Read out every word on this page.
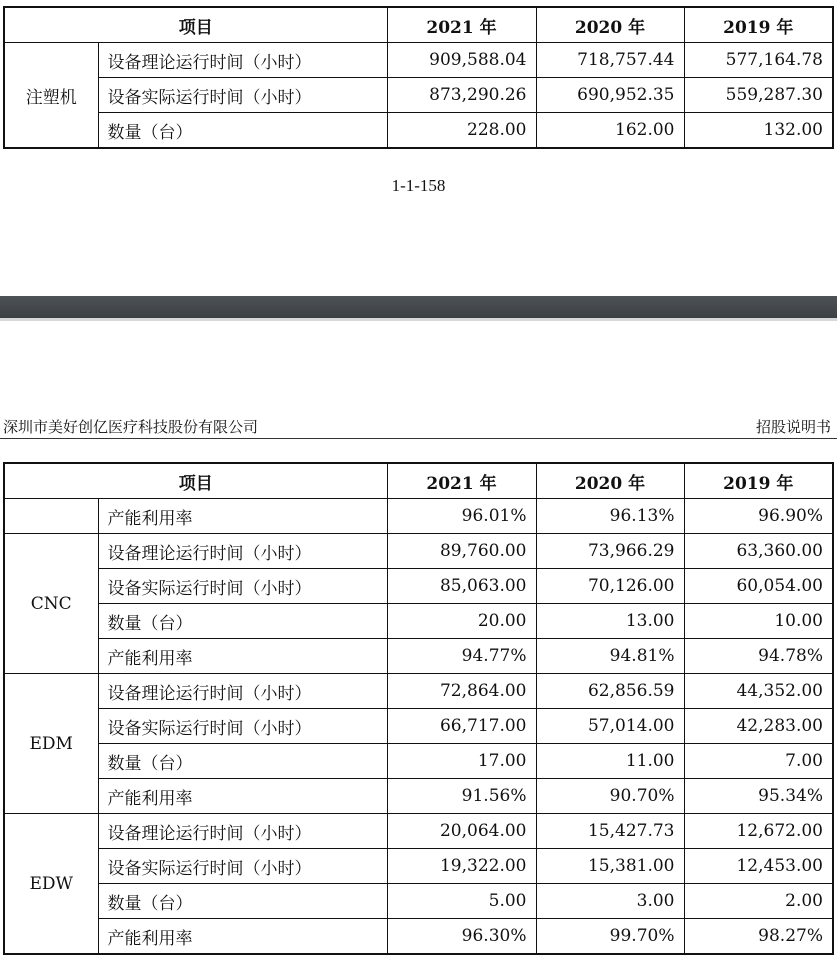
项目		2021 年	2020 年	2019 年
注塑机	设备理论运行时间（小时）	909,588.04	718,757.44	577,164.78
	设备实际运行时间（小时）	873,290.26	690,952.35	559,287.30
	数量（台）	228.00	162.00	132.00
1-1-158
深圳市美好创亿医疗科技股份有限公司	招股说明书
项目		2021 年	2020 年	2019 年
	产能利用率	96.01%	96.13%	96.90%
CNC	设备理论运行时间（小时）	89,760.00	73,966.29	63,360.00
	设备实际运行时间（小时）	85,063.00	70,126.00	60,054.00
	数量（台）	20.00	13.00	10.00
	产能利用率	94.77%	94.81%	94.78%
EDM	设备理论运行时间（小时）	72,864.00	62,856.59	44,352.00
	设备实际运行时间（小时）	66,717.00	57,014.00	42,283.00
	数量（台）	17.00	11.00	7.00
	产能利用率	91.56%	90.70%	95.34%
EDW	设备理论运行时间（小时）	20,064.00	15,427.73	12,672.00
	设备实际运行时间（小时）	19,322.00	15,381.00	12,453.00
	数量（台）	5.00	3.00	2.00
	产能利用率	96.30%	99.70%	98.27%
